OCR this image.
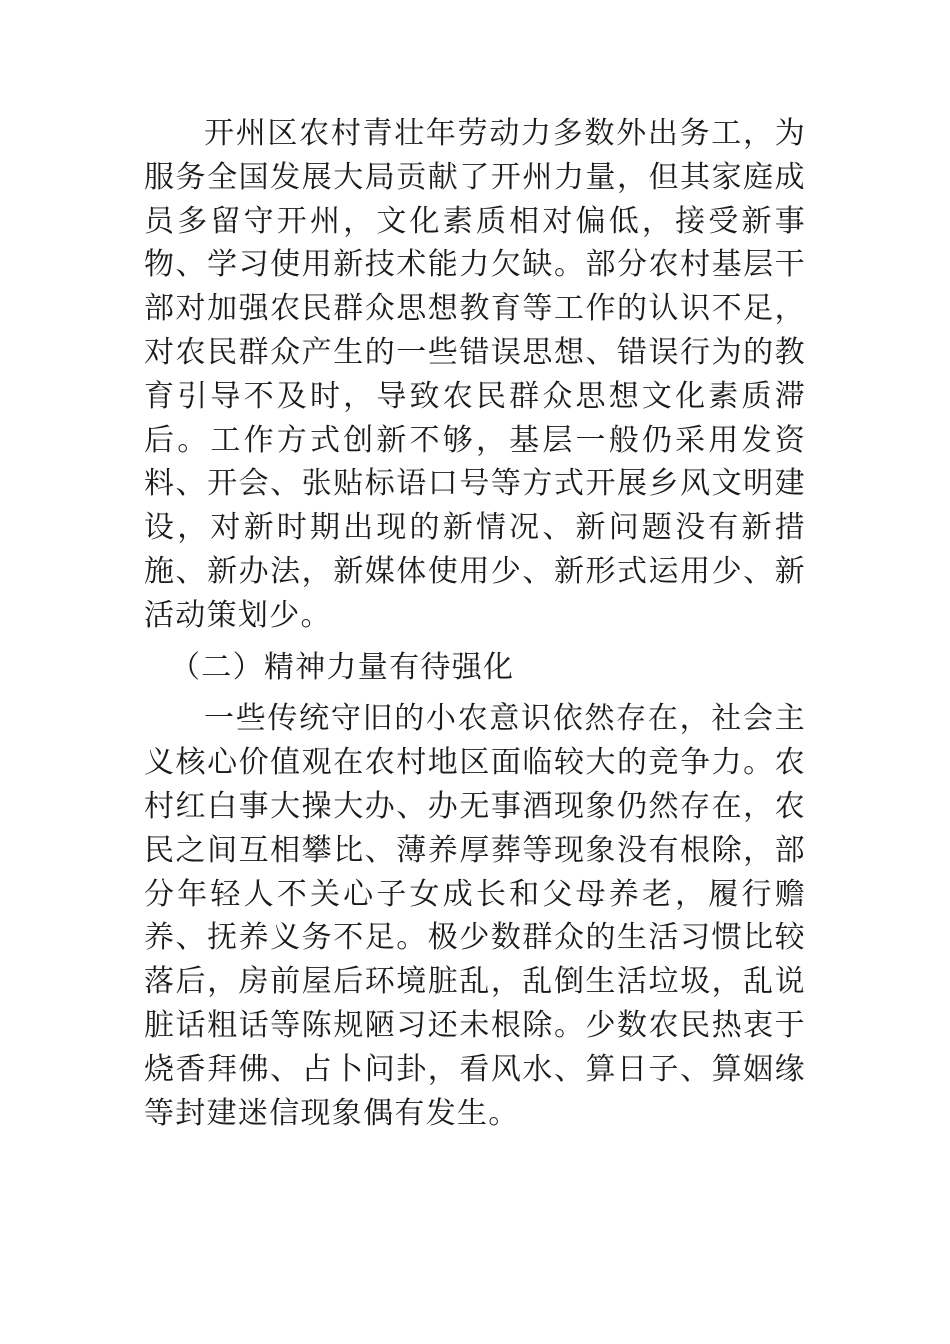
开州区农村青壮年劳动力多数外出务工，为服务全国发展大局贡献了开州力量，但其家庭成员多留守开州，文化素质相对偏低，接受新事物、学习使用新技术能力欠缺。部分农村基层干部对加强农民群众思想教育等工作的认识不足，对农民群众产生的一些错误思想、错误行为的教育引导不及时，导致农民群众思想文化素质滞后。工作方式创新不够，基层一般仍采用发资料、开会、张贴标语口号等方式开展乡风文明建设，对新时期出现的新情况、新问题没有新措施、新办法，新媒体使用少、新形式运用少、新活动策划少。

（二）精神力量有待强化

一些传统守旧的小农意识依然存在，社会主义核心价值观在农村地区面临较大的竞争力。农村红白事大操大办、办无事酒现象仍然存在，农民之间互相攀比、薄养厚葬等现象没有根除，部分年轻人不关心子女成长和父母养老，履行赡养、抚养义务不足。极少数群众的生活习惯比较落后，房前屋后环境脏乱，乱倒生活垃圾，乱说脏话粗话等陈规陋习还未根除。少数农民热衷于烧香拜佛、占卜问卦，看风水、算日子、算姻缘等封建迷信现象偶有发生。
